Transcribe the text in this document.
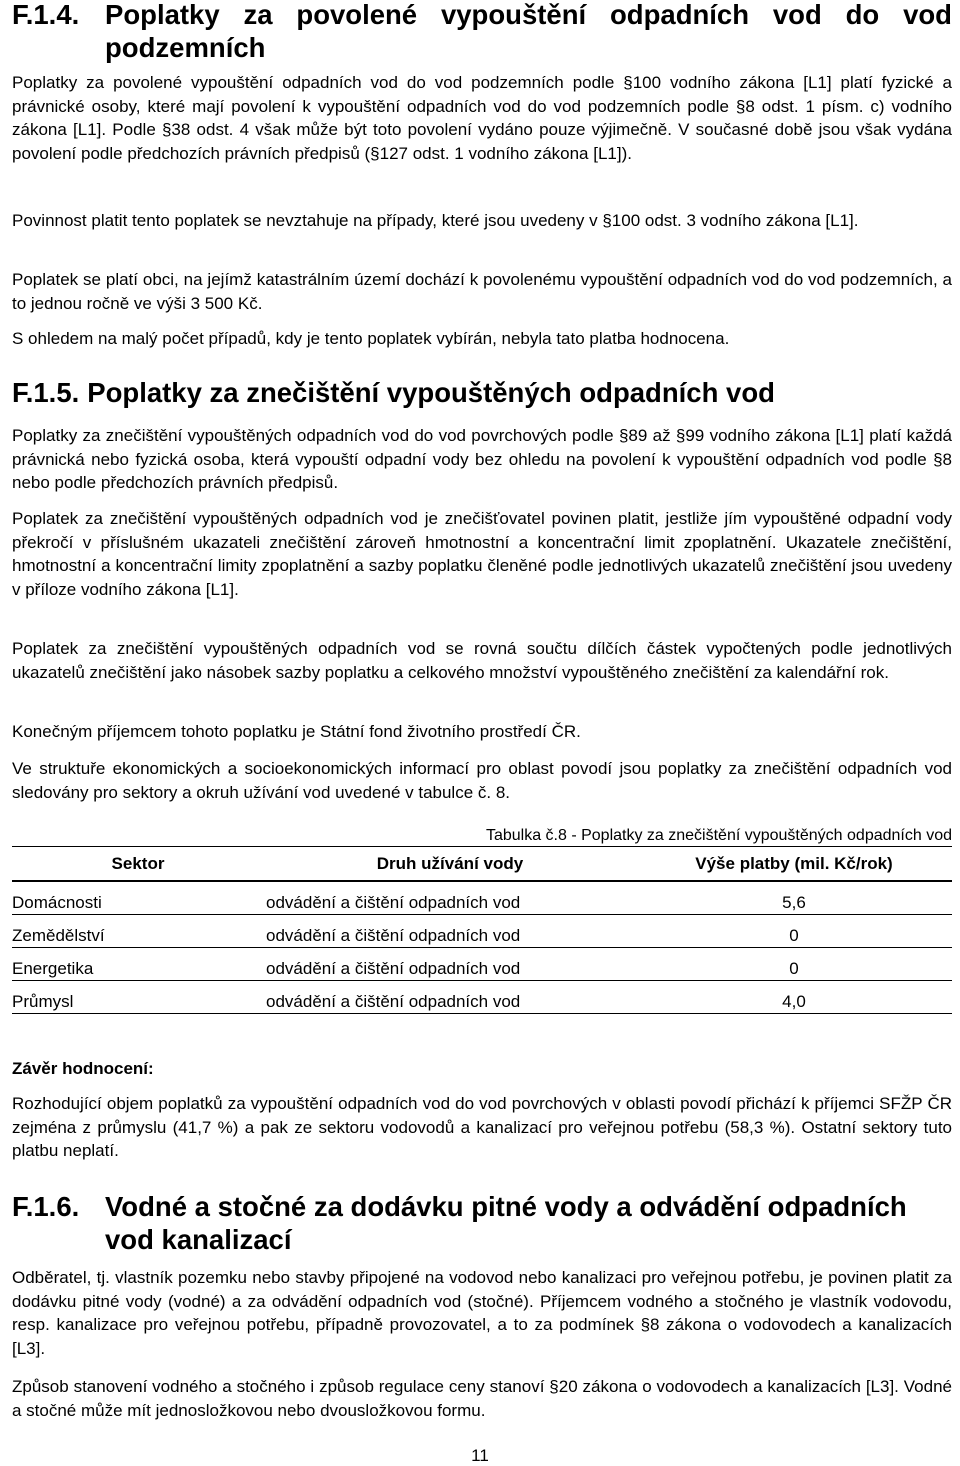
F.1.4. Poplatky za povolené vypouštění odpadních vod do vod podzemních

Poplatky za povolené vypouštění odpadních vod do vod podzemních podle §100 vodního zákona [L1] platí fyzické a právnické osoby, které mají povolení k vypouštění odpadních vod do vod podzemních podle §8 odst. 1 písm. c) vodního zákona [L1]. Podle §38 odst. 4 však může být toto povolení vydáno pouze výjimečně. V současné době jsou však vydána povolení podle předchozích právních předpisů (§127 odst. 1 vodního zákona [L1]).

Povinnost platit tento poplatek se nevztahuje na případy, které jsou uvedeny v §100 odst. 3 vodního zákona [L1].

Poplatek se platí obci, na jejímž katastrálním území dochází k povolenému vypouštění odpadních vod do vod podzemních, a to jednou ročně ve výši 3 500 Kč.

S ohledem na malý počet případů, kdy je tento poplatek vybírán, nebyla tato platba hodnocena.

F.1.5. Poplatky za znečištění vypouštěných odpadních vod

Poplatky za znečištění vypouštěných odpadních vod do vod povrchových podle §89 až §99 vodního zákona [L1] platí každá právnická nebo fyzická osoba, která vypouští odpadní vody bez ohledu na povolení k vypouštění odpadních vod podle §8 nebo podle předchozích právních předpisů.

Poplatek za znečištění vypouštěných odpadních vod je znečišťovatel povinen platit, jestliže jím vypouštěné odpadní vody překročí v příslušném ukazateli znečištění zároveň hmotnostní a koncentrační limit zpoplatnění. Ukazatele znečištění, hmotnostní a koncentrační limity zpoplatnění a sazby poplatku členěné podle jednotlivých ukazatelů znečištění jsou uvedeny v příloze vodního zákona [L1].

Poplatek za znečištění vypouštěných odpadních vod se rovná součtu dílčích částek vypočtených podle jednotlivých ukazatelů znečištění jako násobek sazby poplatku a celkového množství vypouštěného znečištění za kalendářní rok.

Konečným příjemcem tohoto poplatku je Státní fond životního prostředí ČR.

Ve struktuře ekonomických a socioekonomických informací pro oblast povodí jsou poplatky za znečištění odpadních vod sledovány pro sektory a okruh užívání vod uvedené v tabulce č. 8.

Tabulka č.8 - Poplatky za znečištění vypouštěných odpadních vod
Sektor	Druh užívání vody	Výše platby (mil. Kč/rok)
Domácnosti	odvádění a čištění odpadních vod	5,6
Zemědělství	odvádění a čištění odpadních vod	0
Energetika	odvádění a čištění odpadních vod	0
Průmysl	odvádění a čištění odpadních vod	4,0
Závěr hodnocení:

Rozhodující objem poplatků za vypouštění odpadních vod do vod povrchových v oblasti povodí přichází k příjemci SFŽP ČR zejména z průmyslu (41,7 %) a pak ze sektoru vodovodů a kanalizací pro veřejnou potřebu (58,3 %). Ostatní sektory tuto platbu neplatí.

F.1.6. Vodné a stočné za dodávku pitné vody a odvádění odpadních vod kanalizací

Odběratel, tj. vlastník pozemku nebo stavby připojené na vodovod nebo kanalizaci pro veřejnou potřebu, je povinen platit za dodávku pitné vody (vodné) a za odvádění odpadních vod (stočné). Příjemcem vodného a stočného je vlastník vodovodu, resp. kanalizace pro veřejnou potřebu, případně provozovatel, a to za podmínek §8 zákona o vodovodech a kanalizacích [L3].

Způsob stanovení vodného a stočného i způsob regulace ceny stanoví §20 zákona o vodovodech a kanalizacích [L3]. Vodné a stočné může mít jednosložkovou nebo dvousložkovou formu.

11
